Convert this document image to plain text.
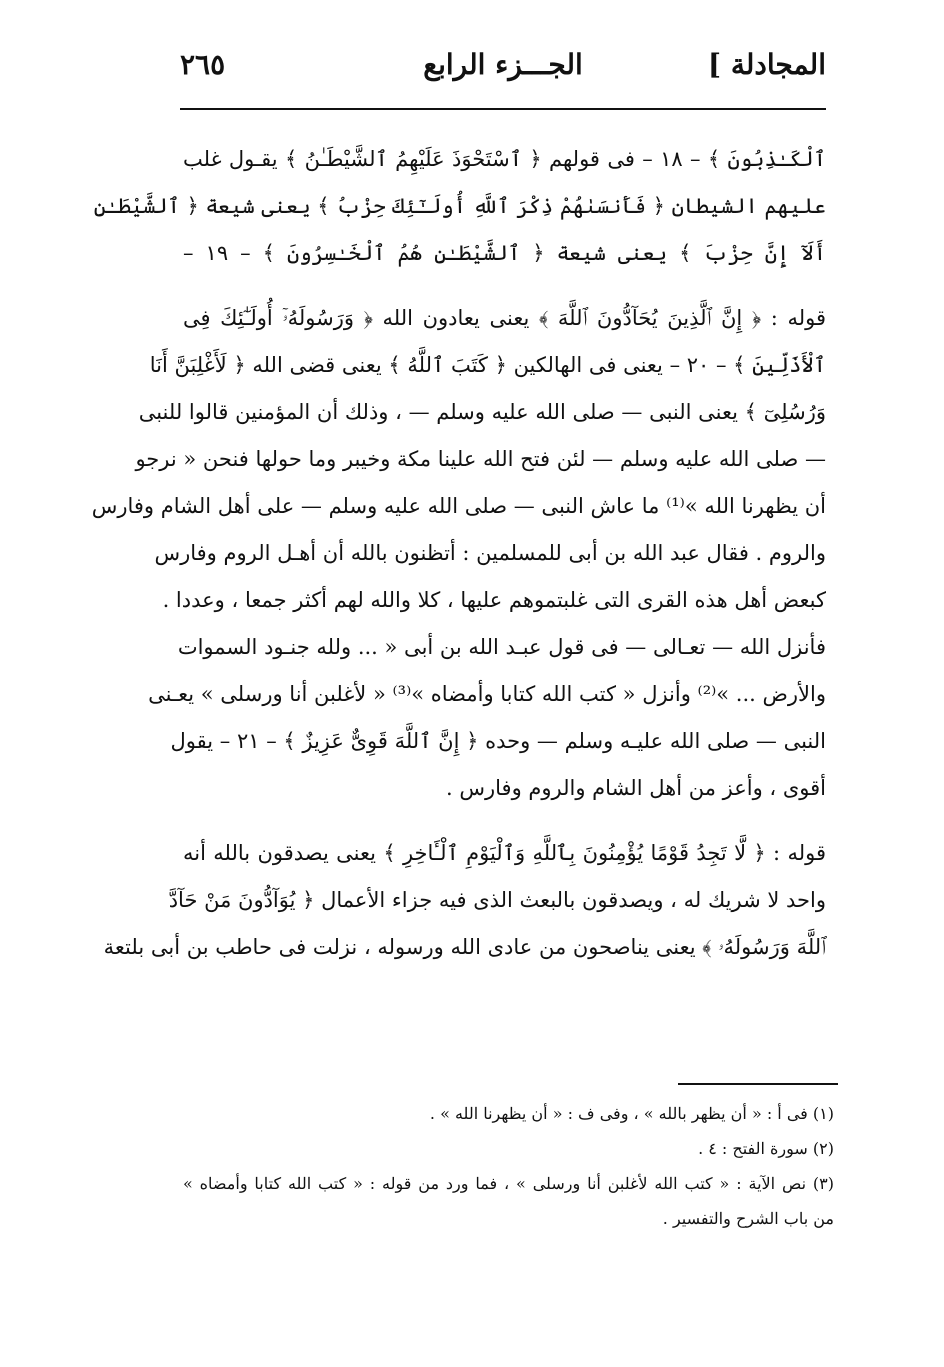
المجادلة ]
الجـــزء الرابع
٢٦٥
ٱلْكَـٰذِبُونَ ﴾ – ١٨ – فى قولهم ﴿ ٱسْتَحْوَذَ عَلَيْهِمُ ٱلشَّيْطَـٰنُ ﴾ يقـول غلب
عليهم الشيطان ﴿ فَأَنسَىٰهُمْ ذِكْرَ ٱللَّهِ أُولَـٰٓئِكَ حِزْبُ ﴾ يعنى شيعة ﴿ ٱلشَّيْطَـٰنِ
أَلَآ إِنَّ حِزْبَ ﴾ يعنى شيعة ﴿ ٱلشَّيْطَـٰنِ هُمُ ٱلْخَـٰسِرُونَ ﴾ – ١٩ –
قوله : ﴿ إِنَّ ٱلَّذِينَ يُحَآدُّونَ ٱللَّهَ ﴾ يعنى يعادون الله ﴿ وَرَسُولَهُۥٓ أُولَـٰٓئِكَ فِى
ٱلْأَذَلِّينَ ﴾ – ٢٠ – يعنى فى الهالكين ﴿ كَتَبَ ٱللَّهُ ﴾ يعنى قضى الله ﴿ لَأَغْلِبَنَّ أَنَا
وَرُسُلِىٓ ﴾ يعنى النبى — صلى الله عليه وسلم — ، وذلك أن المؤمنين قالوا للنبى
— صلى الله عليه وسلم — لئن فتح الله علينا مكة وخيبر وما حولها فنحن « نرجو
أن يظهرنا الله »⁽¹⁾ ما عاش النبى — صلى الله عليه وسلم — على أهل الشام وفارس
والروم . فقال عبد الله بن أبى للمسلمين : أتظنون بالله أن أهـل الروم وفارس
كبعض أهل هذه القرى التى غلبتموهم عليها ، كلا والله لهم أكثر جمعا ، وعددا .
فأنزل الله — تعـالى — فى قول عبـد الله بن أبى « ... ولله جنـود السموات
والأرض ... »⁽²⁾ وأنزل « كتب الله كتابا وأمضاه »⁽³⁾ « لأغلبن أنا ورسلى » يعـنى
النبى — صلى الله عليـه وسلم — وحده ﴿ إِنَّ ٱللَّهَ قَوِىٌّ عَزِيزٌ ﴾ – ٢١ – يقول
أقوى ، وأعز من أهل الشام والروم وفارس .
قوله : ﴿ لَّا تَجِدُ قَوْمًا يُؤْمِنُونَ بِٱللَّهِ وَٱلْيَوْمِ ٱلْـَٔاخِرِ ﴾ يعنى يصدقون بالله أنه
واحد لا شريك له ، ويصدقون بالبعث الذى فيه جزاء الأعمال ﴿ يُوَآدُّونَ مَنْ حَآدَّ
ٱللَّهَ وَرَسُولَهُۥ ﴾ يعنى يناصحون من عادى الله ورسوله ، نزلت فى حاطب بن أبى بلتعة
(١) فى أ : « أن يظهر بالله » ، وفى ف : « أن يظهرنا الله » .
(٢) سورة الفتح : ٤ .
(٣) نص الآية : « كتب الله لأغلبن أنا ورسلى » ، فما ورد من قوله : « كتب الله كتابا وأمضاه »
من باب الشرح والتفسير .
